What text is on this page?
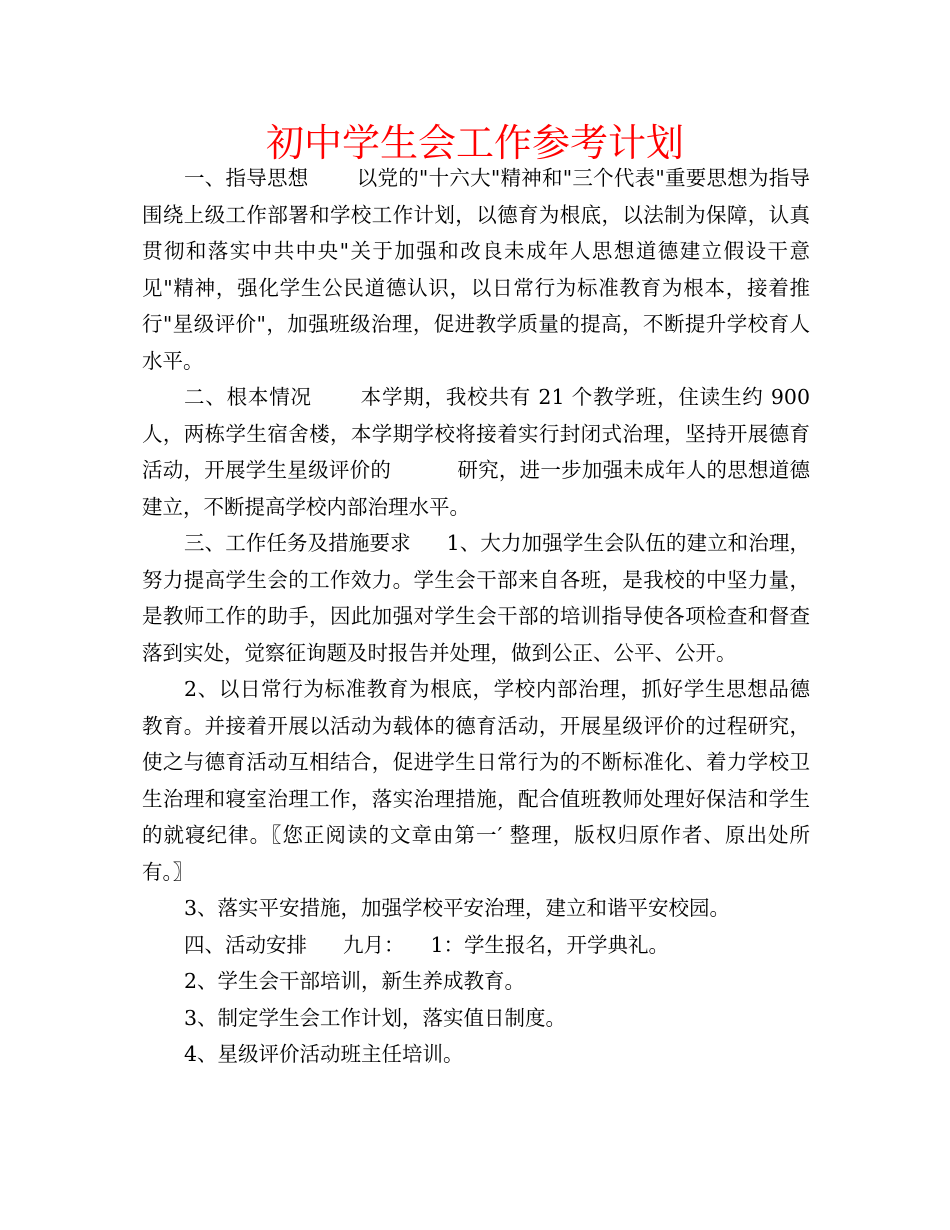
初中学生会工作参考计划

一、指导思想 以党的"十六大"精神和"三个代表"重要思想为指导围绕上级工作部署和学校工作计划，以德育为根底，以法制为保障，认真贯彻和落实中共中央"关于加强和改良未成年人思想道德建立假设干意见"精神，强化学生公民道德认识，以日常行为标准教育为根本，接着推行"星级评价"，加强班级治理，促进教学质量的提高，不断提升学校育人水平。

二、根本情况 本学期，我校共有 21 个教学班，住读生约 900 人，两栋学生宿舍楼，本学期学校将接着实行封闭式治理，坚持开展德育活动，开展学生星级评价的	研究，进一步加强未成年人的思想道德建立，不断提高学校内部治理水平。

三、工作任务及措施要求 1、大力加强学生会队伍的建立和治理，努力提高学生会的工作效力。学生会干部来自各班，是我校的中坚力量，是教师工作的助手，因此加强对学生会干部的培训指导使各项检查和督查落到实处，觉察征询题及时报告并处理，做到公正、公平、公开。

2、以日常行为标准教育为根底，学校内部治理，抓好学生思想品德教育。并接着开展以活动为载体的德育活动，开展星级评价的过程研究，使之与德育活动互相结合，促进学生日常行为的不断标准化、着力学校卫生治理和寝室治理工作，落实治理措施，配合值班教师处理好保洁和学生的就寝纪律。〖您正阅读的文章由第一′ 整理，版权归原作者、原出处所有。〗

3、落实平安措施，加强学校平安治理，建立和谐平安校园。

四、活动安排 九月： 1：学生报名，开学典礼。

2、学生会干部培训，新生养成教育。

3、制定学生会工作计划，落实值日制度。

4、星级评价活动班主任培训。
